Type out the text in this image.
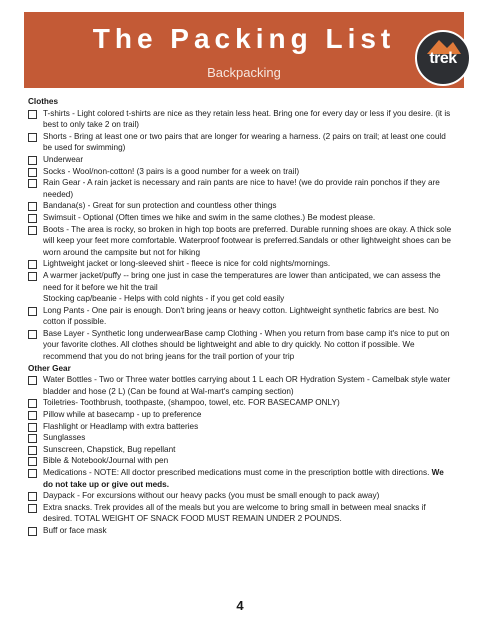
The Packing List
Backpacking
trek
Clothes
T-shirts - Light colored t-shirts are nice as they retain less heat. Bring one for every day or less if you desire. (it is best to only take 2 on trail)
Shorts - Bring at least one or two pairs that are longer for wearing a harness. (2 pairs on trail; at least one could be used for swimming)
Underwear
Socks - Wool/non-cotton! (3 pairs is a good number for a week on trail)
Rain Gear - A rain jacket is necessary and rain pants are nice to have! (we do provide rain ponchos if they are needed)
Bandana(s) - Great for sun protection and countless other things
Swimsuit - Optional (Often times we hike and swim in the same clothes.) Be modest please.
Boots - The area is rocky, so broken in high top boots are preferred. Durable running shoes are okay. A thick sole will keep your feet more comfortable. Waterproof footwear is preferred.Sandals or other lightweight shoes can be worn around the campsite but not for hiking
Lightweight jacket or long-sleeved shirt - fleece is nice for cold nights/mornings.
A warmer jacket/puffy -- bring one just in case the temperatures are lower than anticipated, we can assess the need for it before we hit the trail
Stocking cap/beanie - Helps with cold nights - if you get cold easily
Long Pants - One pair is enough. Don't bring jeans or heavy cotton. Lightweight synthetic fabrics are best. No cotton if possible.
Base Layer - Synthetic long underwearBase camp Clothing - When you return from base camp it's nice to put on your favorite clothes. All clothes should be lightweight and able to dry quickly. No cotton if possible. We recommend that you do not bring jeans for the trail portion of your trip
Other Gear
Water Bottles - Two or Three water bottles carrying about 1 L each OR Hydration System - Camelbak style water bladder and hose (2 L) (Can be found at Wal-mart's camping section)
Toiletries- Toothbrush, toothpaste, (shampoo, towel, etc. FOR BASECAMP ONLY)
Pillow while at basecamp - up to preference
Flashlight or Headlamp with extra batteries
Sunglasses
Sunscreen, Chapstick, Bug repellant
Bible & Notebook/Journal with pen
Medications - NOTE: All doctor prescribed medications must come in the prescription bottle with directions. We do not take up or give out meds.
Daypack - For excursions without our heavy packs (you must be small enough to pack away)
Extra snacks. Trek provides all of the meals but you are welcome to bring small in between meal snacks if desired. TOTAL WEIGHT OF SNACK FOOD MUST REMAIN UNDER 2 POUNDS.
Buff or face mask
4
